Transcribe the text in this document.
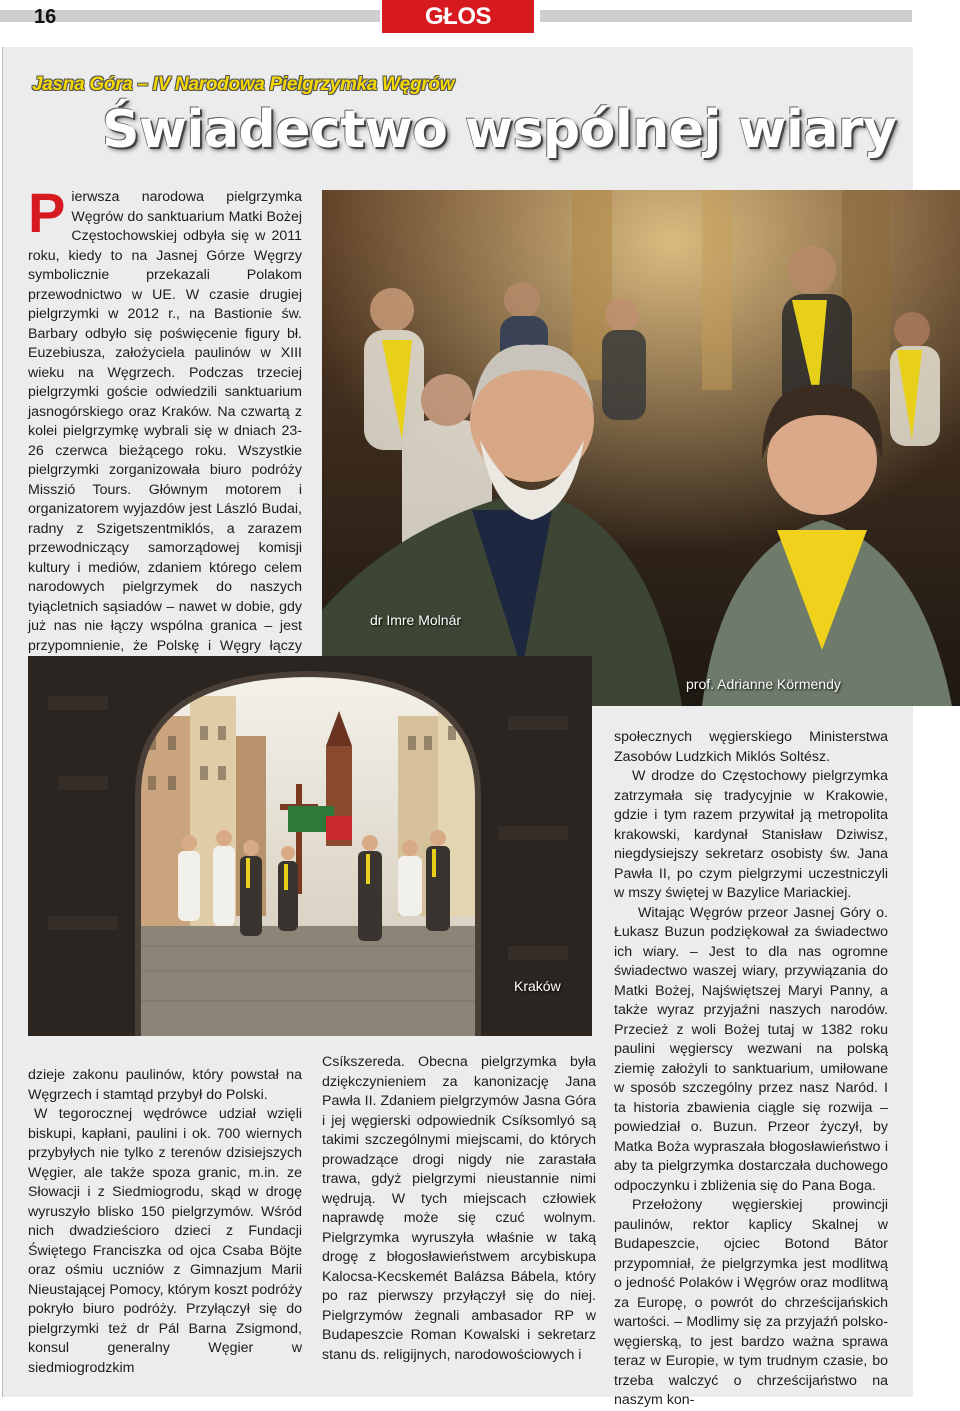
16	GŁOS
Jasna Góra – IV Narodowa Pielgrzymka Węgrów
Świadectwo wspólnej wiary
P ierwsza narodowa pielgrzymka Węgrów do sanktuarium Matki Bożej Częstochowskiej odbyła się w 2011 roku, kiedy to na Jasnej Górze Węgrzy symbolicznie przekazali Polakom przewodnictwo w UE. W czasie drugiej pielgrzymki w 2012 r., na Bastionie św. Barbary odbyło się poświęcenie figury bł. Euzebiusza, założyciela paulinów w XIII wieku na Węgrzech. Podczas trzeciej pielgrzymki goście odwiedzili sanktuarium jasnogórskiego oraz Kraków. Na czwartą z kolei pielgrzymkę wybrali się w dniach 23-26 czerwca bieżącego roku. Wszystkie pielgrzymki zorganizowała biuro podróży Misszió Tours. Głównym motorem i organizatorem wyjazdów jest László Budai, radny z Szigetszentmiklós, a zarazem przewodniczący samorządowej komisji kultury i mediów, zdaniem którego celem narodowych pielgrzymek do naszych tyiącletnich sąsiadów – nawet w dobie, gdy już nas nie łączy wspólna granica – jest przypomnienie, że Polskę i Węgry łączy
dr Imre Molnár
prof. Adrianne Körmendy
Kraków

dzieje zakonu paulinów, który powstał na Węgrzech i stamtąd przybył do Polski.

W tegorocznej wędrówce udział wzięli biskupi, kapłani, paulini i ok. 700 wiernych przybyłych nie tylko z terenów dzisiejszych Węgier, ale także spoza granic, m.in. ze Słowacji i z Siedmiogrodu, skąd w drogę wyruszyło blisko 150 pielgrzymów. Wśród nich dwadzieścioro dzieci z Fundacji Świętego Franciszka od ojca Csaba Böjte oraz ośmiu uczniów z Gimnazjum Marii Nieustającej Pomocy, którym koszt podróży pokryło biuro podróży. Przyłączył się do pielgrzymki też dr Pál Barna Zsigmond, konsul generalny Węgier w siedmiogrodzkim

Csíkszereda. Obecna pielgrzymka była dziękczynieniem za kanonizację Jana Pawła II. Zdaniem pielgrzymów Jasna Góra i jej węgierski odpowiednik Csíksomlyó są takimi szczególnymi miejscami, do których prowadzące drogi nigdy nie zarastała trawa, gdyż pielgrzymi nieustannie nimi wędrują. W tych miejscach człowiek naprawdę może się czuć wolnym. Pielgrzymka wyruszyła właśnie w taką drogę z błogosławieństwem arcybiskupa Kalocsa-Kecskemét Balázsa Bábela, który po raz pierwszy przyłączył się do niej. Pielgrzymów żegnali ambasador RP w Budapeszcie Roman Kowalski i sekretarz stanu ds. religijnych, narodowościowych i

społecznych węgierskiego Ministerstwa Zasobów Ludzkich Miklós Soltész.

W drodze do Częstochowy pielgrzymka zatrzymała się tradycyjnie w Krakowie, gdzie i tym razem przywitał ją metropolita krakowski, kardynał Stanisław Dziwisz, niegdysiejszy sekretarz osobisty św. Jana Pawła II, po czym pielgrzymi uczestniczyli w mszy świętej w Bazylice Mariackiej.

Witając Węgrów przeor Jasnej Góry o. Łukasz Buzun podziękował za świadectwo ich wiary. – Jest to dla nas ogromne świadectwo waszej wiary, przywiązania do Matki Bożej, Najświętszej Maryi Panny, a także wyraz przyjaźni naszych narodów. Przecież z woli Bożej tutaj w 1382 roku paulini węgierscy wezwani na polską ziemię założyli to sanktuarium, umiłowane w sposób szczególny przez nasz Naród. I ta historia zbawienia ciągle się rozwija – powiedział o. Buzun. Przeor życzył, by Matka Boża wypraszała błogosławieństwo i aby ta pielgrzymka dostarczała duchowego odpoczynku i zbliżenia się do Pana Boga.

Przełożony węgierskiej prowincji paulinów, rektor kaplicy Skalnej w Budapeszcie, ojciec Botond Bátor przypomniał, że pielgrzymka jest modlitwą o jedność Polaków i Węgrów oraz modlitwą za Europę, o powrót do chrześcijańskich wartości. – Modlimy się za przyjaźń polsko-węgierską, to jest bardzo ważna sprawa teraz w Europie, w tym trudnym czasie, bo trzeba walczyć o chrześcijaństwo na naszym kon-
